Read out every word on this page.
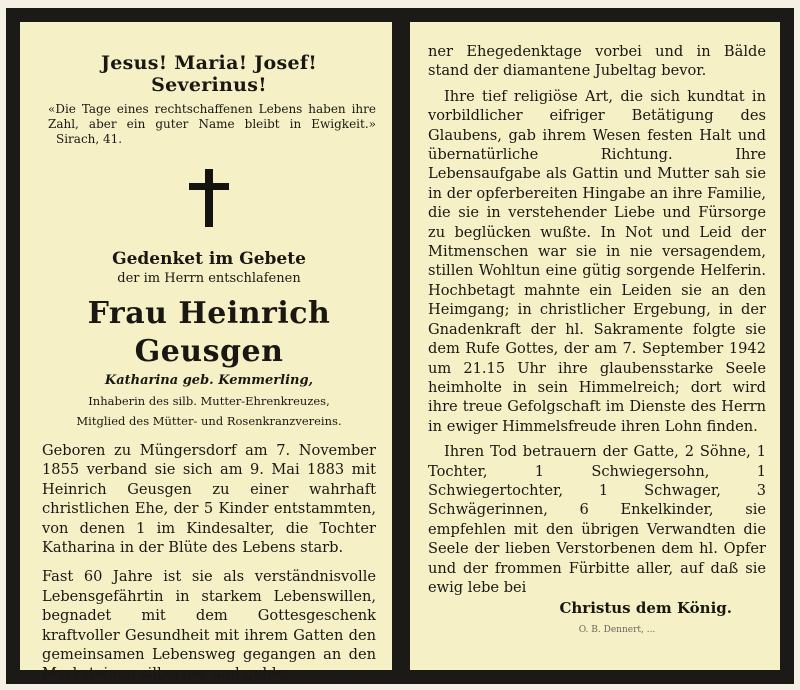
Jesus! Maria! Josef! Severinus!
«Die Tage eines rechtschaffenen Lebens haben ihre Zahl, aber ein guter Name bleibt in Ewigkeit.» Sirach, 41.
Gedenket im Gebete
der im Herrn entschlafenen
Frau Heinrich Geusgen
Katharina geb. Kemmerling,
Inhaberin des silb. Mutter-Ehrenkreuzes,
Mitglied des Mütter- und Rosenkranzvereins.

Geboren zu Müngersdorf am 7. November 1855 verband sie sich am 9. Mai 1883 mit Heinrich Geusgen zu einer wahrhaft christlichen Ehe, der 5 Kinder entstammten, von denen 1 im Kindesalter, die Tochter Katharina in der Blüte des Lebens starb.

Fast 60 Jahre ist sie als verständnisvolle Lebensgefährtin in starkem Lebenswillen, begnadet mit dem Gottesgeschenk kraftvoller Gesundheit mit ihrem Gatten den gemeinsamen Lebensweg gegangen an den Marksteinen silberner und golde-

ner Ehegedenktage vorbei und in Bälde stand der diamantene Jubeltag bevor.

Ihre tief religiöse Art, die sich kundtat in vorbildlicher eifriger Betätigung des Glaubens, gab ihrem Wesen festen Halt und übernatürliche Richtung. Ihre Lebensaufgabe als Gattin und Mutter sah sie in der opferbereiten Hingabe an ihre Familie, die sie in verstehender Liebe und Fürsorge zu beglücken wußte. In Not und Leid der Mitmenschen war sie in nie versagendem, stillen Wohltun eine gütig sorgende Helferin. Hochbetagt mahnte ein Leiden sie an den Heimgang; in christlicher Ergebung, in der Gnadenkraft der hl. Sakramente folgte sie dem Rufe Gottes, der am 7. September 1942 um 21.15 Uhr ihre glaubensstarke Seele heimholte in sein Himmelreich; dort wird ihre treue Gefolgschaft im Dienste des Herrn in ewiger Himmelsfreude ihren Lohn finden.

Ihren Tod betrauern der Gatte, 2 Söhne, 1 Tochter, 1 Schwiegersohn, 1 Schwiegertochter, 1 Schwager, 3 Schwägerinnen, 6 Enkelkinder, sie empfehlen mit den übrigen Verwandten die Seele der lieben Verstorbenen dem hl. Opfer und der frommen Fürbitte aller, auf daß sie ewig lebe bei

Christus dem König.
O. B. Dennert, ...
